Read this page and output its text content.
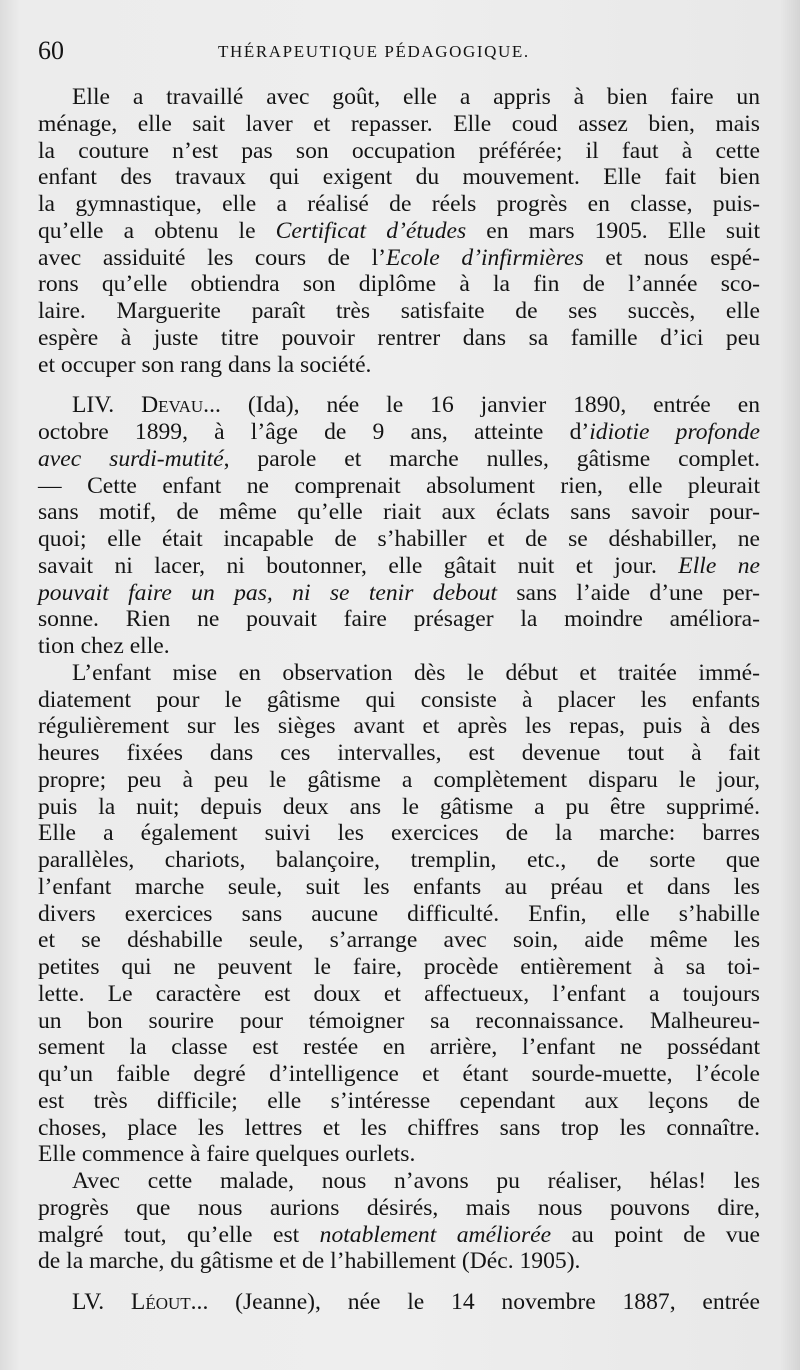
60	THÉRAPEUTIQUE PÉDAGOGIQUE.
Elle a travaillé avec goût, elle a appris à bien faire un
ménage, elle sait laver et repasser. Elle coud assez bien, mais
la couture n’est pas son occupation préférée; il faut à cette
enfant des travaux qui exigent du mouvement. Elle fait bien
la gymnastique, elle a réalisé de réels progrès en classe, puis-
qu’elle a obtenu le Certificat d’études en mars 1905. Elle suit
avec assiduité les cours de l’Ecole d’infirmières et nous espé-
rons qu’elle obtiendra son diplôme à la fin de l’année sco-
laire. Marguerite paraît très satisfaite de ses succès, elle
espère à juste titre pouvoir rentrer dans sa famille d’ici peu
et occuper son rang dans la société.
LIV. Devau... (Ida), née le 16 janvier 1890, entrée en
octobre 1899, à l’âge de 9 ans, atteinte d’idiotie profonde
avec surdi-mutité, parole et marche nulles, gâtisme complet.
— Cette enfant ne comprenait absolument rien, elle pleurait
sans motif, de même qu’elle riait aux éclats sans savoir pour-
quoi; elle était incapable de s’habiller et de se déshabiller, ne
savait ni lacer, ni boutonner, elle gâtait nuit et jour. Elle ne
pouvait faire un pas, ni se tenir debout sans l’aide d’une per-
sonne. Rien ne pouvait faire présager la moindre améliora-
tion chez elle.
L’enfant mise en observation dès le début et traitée immé-
diatement pour le gâtisme qui consiste à placer les enfants
régulièrement sur les sièges avant et après les repas, puis à des
heures fixées dans ces intervalles, est devenue tout à fait
propre; peu à peu le gâtisme a complètement disparu le jour,
puis la nuit; depuis deux ans le gâtisme a pu être supprimé.
Elle a également suivi les exercices de la marche: barres
parallèles, chariots, balançoire, tremplin, etc., de sorte que
l’enfant marche seule, suit les enfants au préau et dans les
divers exercices sans aucune difficulté. Enfin, elle s’habille
et se déshabille seule, s’arrange avec soin, aide même les
petites qui ne peuvent le faire, procède entièrement à sa toi-
lette. Le caractère est doux et affectueux, l’enfant a toujours
un bon sourire pour témoigner sa reconnaissance. Malheureu-
sement la classe est restée en arrière, l’enfant ne possédant
qu’un faible degré d’intelligence et étant sourde-muette, l’école
est très difficile; elle s’intéresse cependant aux leçons de
choses, place les lettres et les chiffres sans trop les connaître.
Elle commence à faire quelques ourlets.
Avec cette malade, nous n’avons pu réaliser, hélas! les
progrès que nous aurions désirés, mais nous pouvons dire,
malgré tout, qu’elle est notablement améliorée au point de vue
de la marche, du gâtisme et de l’habillement (Déc. 1905).
LV. Léout... (Jeanne), née le 14 novembre 1887, entrée
